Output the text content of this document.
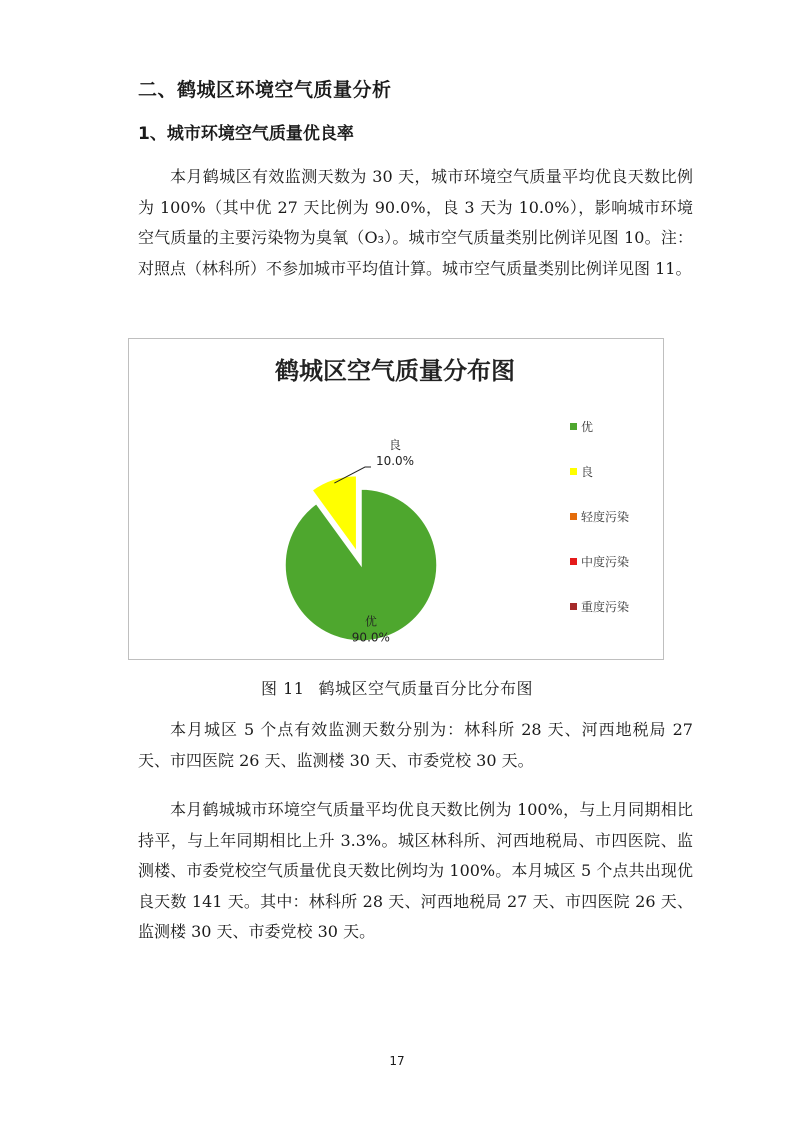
二、鹤城区环境空气质量分析
1、城市环境空气质量优良率

本月鹤城区有效监测天数为 30 天，城市环境空气质量平均优良天数比例为 100%（其中优 27 天比例为 90.0%，良 3 天为 10.0%），影响城市环境空气质量的主要污染物为臭氧（O₃）。城市空气质量类别比例详见图 10。注：对照点（林科所）不参加城市平均值计算。城市空气质量类别比例详见图 11。

鹤城区空气质量分布图
优
90.0%
良
10.0%
优
良
轻度污染
中度污染
重度污染
图 11 鹤城区空气质量百分比分布图

本月城区 5 个点有效监测天数分别为：林科所 28 天、河西地税局 27 天、市四医院 26 天、监测楼 30 天、市委党校 30 天。

本月鹤城城市环境空气质量平均优良天数比例为 100%，与上月同期相比持平，与上年同期相比上升 3.3%。城区林科所、河西地税局、市四医院、监测楼、市委党校空气质量优良天数比例均为 100%。本月城区 5 个点共出现优良天数 141 天。其中：林科所 28 天、河西地税局 27 天、市四医院 26 天、监测楼 30 天、市委党校 30 天。

17
